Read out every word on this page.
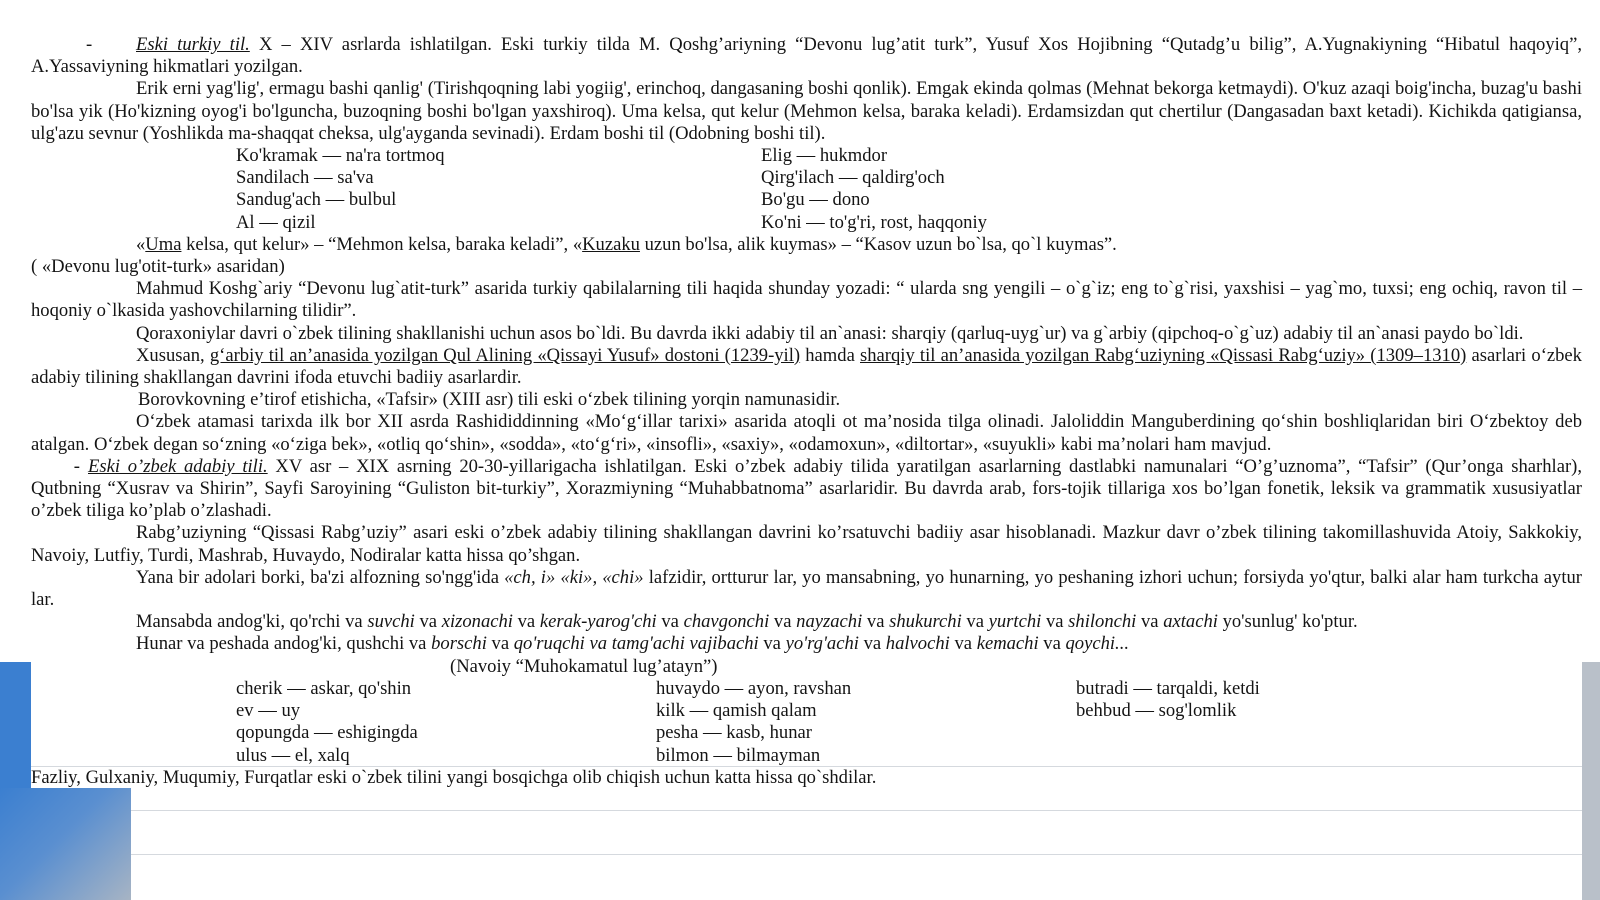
- Eski turkiy til. X – XIV asrlarda ishlatilgan. Eski turkiy tilda M. Qoshg’ariyning “Devonu lug’atit turk”, Yusuf Xos Hojibning “Qutadg’u bilig”, A.Yugnakiyning “Hibatul haqoyiq”, A.Yassaviyning hikmatlari yozilgan.

Erik erni yag'lig', ermagu bashi qanlig' (Tirishqoqning labi yogiig', erinchoq, dangasaning boshi qonlik). Emgak ekinda qolmas (Mehnat bekorga ketmaydi). O'kuz azaqi boig'incha, buzag'u bashi bo'lsa yik (Ho'kizning oyog'i bo'lguncha, buzoqning boshi bo'lgan yaxshiroq). Uma kelsa, qut kelur (Mehmon kelsa, baraka keladi). Erdamsizdan qut chertilur (Dangasadan baxt ketadi). Kichikda qatigiansa, ulg'azu sevnur (Yoshlikda ma-shaqqat cheksa, ulg'ayganda sevinadi). Erdam boshi til (Odobning boshi til).

Ko'kramak — na'ra tortmoq	Elig — hukmdor
Sandilach — sa'va	Qirg'ilach — qaldirg'och
Sandug'ach — bulbul	Bo'gu — dono
Al — qizil	Ko'ni — to'g'ri, rost, haqqoniy

«Uma kelsa, qut kelur» – “Mehmon kelsa, baraka keladi”, «Kuzaku uzun bo'lsa, alik kuymas» – “Kasov uzun bo`lsa, qo`l kuymas”.
( «Devonu lug'otit-turk» asaridan)

Mahmud Koshg`ariy “Devonu lug`atit-turk” asarida turkiy qabilalarning tili haqida shunday yozadi: “ ularda sng yengili – o`g`iz; eng to`g`risi, yaxshisi – yag`mo, tuxsi; eng ochiq, ravon til – hoqoniy o`lkasida yashovchilarning tilidir”.

Qoraxoniylar davri o`zbek tilining shakllanishi uchun asos bo`ldi. Bu davrda ikki adabiy til an`anasi: sharqiy (qarluq-uyg`ur) va g`arbiy (qipchoq-o`g`uz) adabiy til an`anasi paydo bo`ldi.

Xususan, g‘arbiy til an’anasida yozilgan Qul Alining «Qissayi Yusuf» dostoni (1239-yil) hamda sharqiy til an’anasida yozilgan Rabg‘uziyning «Qissasi Rabg‘uziy» (1309–1310) asarlari o‘zbek adabiy tilining shakllangan davrini ifoda etuvchi badiiy asarlardir.

Borovkovning e’tirof etishicha, «Tafsir» (XIII asr) tili eski o‘zbek tilining yorqin namunasidir.

O‘zbek atamasi tarixda ilk bor XII asrda Rashididdinning «Mo‘g‘illar tarixi» asarida atoqli ot ma’nosida tilga olinadi. Jaloliddin Manguberdining qo‘shin boshliqlaridan biri O‘zbektoy deb atalgan. O‘zbek degan so‘zning «o‘ziga bek», «otliq qo‘shin», «sodda», «to‘g‘ri», «insofli», «saxiy», «odamoxun», «diltortar», «suyukli» kabi ma’nolari ham mavjud.

- Eski o’zbek adabiy tili. XV asr – XIX asrning 20-30-yillarigacha ishlatilgan. Eski o’zbek adabiy tilida yaratilgan asarlarning dastlabki namunalari “O’g’uznoma”, “Tafsir” (Qur’onga sharhlar), Qutbning “Xusrav va Shirin”, Sayfi Saroyining “Guliston bit-turkiy”, Xorazmiyning “Muhabbatnoma” asarlaridir. Bu davrda arab, fors-tojik tillariga xos bo’lgan fonetik, leksik va grammatik xususiyatlar o’zbek tiliga ko’plab o’zlashadi.

Rabg’uziyning “Qissasi Rabg’uziy” asari eski o’zbek adabiy tilining shakllangan davrini ko’rsatuvchi badiiy asar hisoblanadi. Mazkur davr o’zbek tilining takomillashuvida Atoiy, Sakkokiy, Navoiy, Lutfiy, Turdi, Mashrab, Huvaydo, Nodiralar katta hissa qo’shgan.

Yana bir adolari borki, ba'zi alfozning so'ngg'ida «ch, i» «ki», «chi» lafzidir, ortturur lar, yo mansabning, yo hunarning, yo peshaning izhori uchun; forsiyda yo'qtur, balki alar ham turkcha aytur lar.

Mansabda andog'ki, qo'rchi va suvchi va xizonachi va kerak-yarog'chi va chavgonchi va nayzachi va shukurchi va yurtchi va shilonchi va axtachi yo'sunlug' ko'ptur.

Hunar va peshada andog'ki, qushchi va borschi va qo'ruqchi va tamg'achi vajibachi va yo'rg'achi va halvochi va kemachi va qoychi...

(Navoiy “Muhokamatul lug’atayn”)

cherik — askar, qo'shin	huvaydo — ayon, ravshan	butradi — tarqaldi, ketdi
ev — uy	kilk — qamish qalam	behbud — sog'lomlik
qopungda — eshigingda	pesha — kasb, hunar
ulus — el, xalq	bilmon — bilmayman

Fazliy, Gulxaniy, Muqumiy, Furqatlar eski o`zbek tilini yangi bosqichga olib chiqish uchun katta hissa qo`shdilar.
